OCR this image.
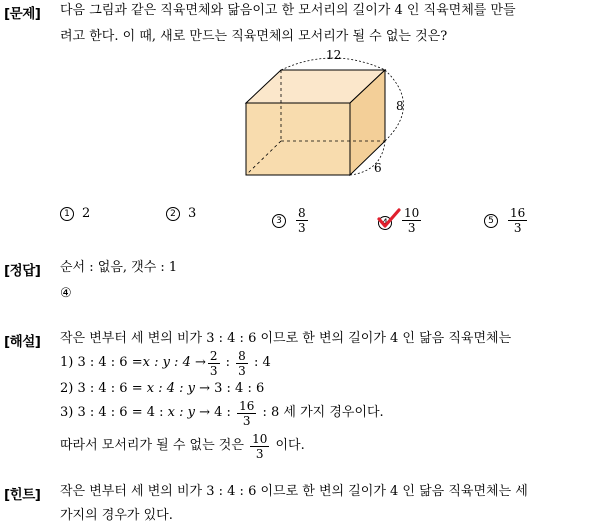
[문제] 다음 그림과 같은 직육면체와 닮음이고 한 모서리의 길이가 4 인 직육면체를 만들
려고 한다. 이 때, 새로 만드는 직육면체의 모서리가 될 수 없는 것은?
12
8
6
1 2	2 3	3	$\frac{8}{3}$	4	$\frac{10}{3}$	5	$\frac{16}{3}$
[정답] 순서 : 없음, 갯수 : 1
④
[해설] 작은 변부터 세 변의 비가 3 : 4 : 6 이므로 한 변의 길이가 4 인 닮음 직육면체는
1) 3 : 4 : 6 = x : y : $4 \to \frac{2}{3}$ : $\frac{8}{3}$ : 4
2) 3 : 4 : 6 = x : 4 : y → 3 : 4 : 6
3) 3 : 4 : 6 = 4 : x : y → 4 : $\frac{16}{3}$ : 8 세 가지 경우이다.
따라서 모서리가 될 수 없는 것은 $\frac{10}{3}$ 이다.
[힌트] 작은 변부터 세 변의 비가 3 : 4 : 6 이므로 한 변의 길이가 4 인 닮음 직육면체는 세
가지의 경우가 있다.
